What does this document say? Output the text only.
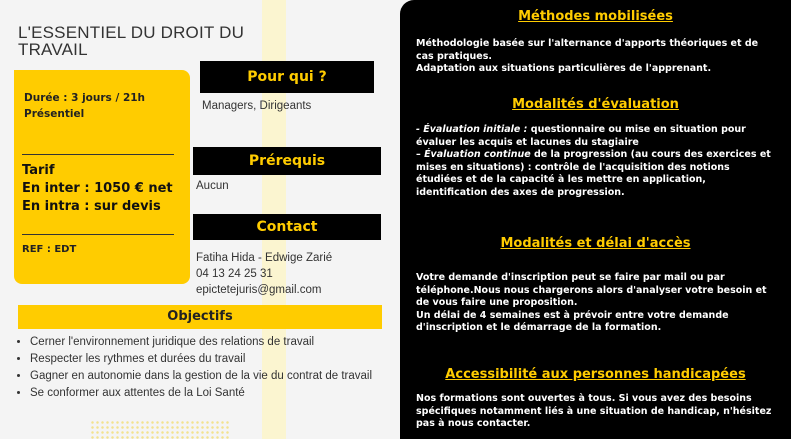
L'ESSENTIEL DU DROIT DU TRAVAIL
Durée : 3 jours / 21h
Présentiel
Tarif
En inter : 1050 € net
En intra : sur devis
REF : EDT
Pour qui ?
Managers, Dirigeants
Prérequis
Aucun
Contact
Fatiha Hida - Edwige Zarié
04 13 24 25 31
epictetejuris@gmail.com
Objectifs
• Cerner l'environnement juridique des relations de travail
• Respecter les rythmes et durées du travail
• Gagner en autonomie dans la gestion de la vie du contrat de travail
• Se conformer aux attentes de la Loi Santé
Méthodes mobilisées
Méthodologie basée sur l'alternance d'apports théoriques et de cas pratiques.
Adaptation aux situations particulières de l'apprenant.
Modalités d'évaluation
- Évaluation initiale : questionnaire ou mise en situation pour évaluer les acquis et lacunes du stagiaire
– Évaluation continue de la progression (au cours des exercices et mises en situations) : contrôle de l'acquisition des notions étudiées et de la capacité à les mettre en application, identification des axes de progression.
Modalités et délai d'accès
Votre demande d'inscription peut se faire par mail ou par téléphone.Nous nous chargerons alors d'analyser votre besoin et de vous faire une proposition.
Un délai de 4 semaines est à prévoir entre votre demande d'inscription et le démarrage de la formation.
Accessibilité aux personnes handicapées
Nos formations sont ouvertes à tous. Si vous avez des besoins spécifiques notamment liés à une situation de handicap, n'hésitez pas à nous contacter.
